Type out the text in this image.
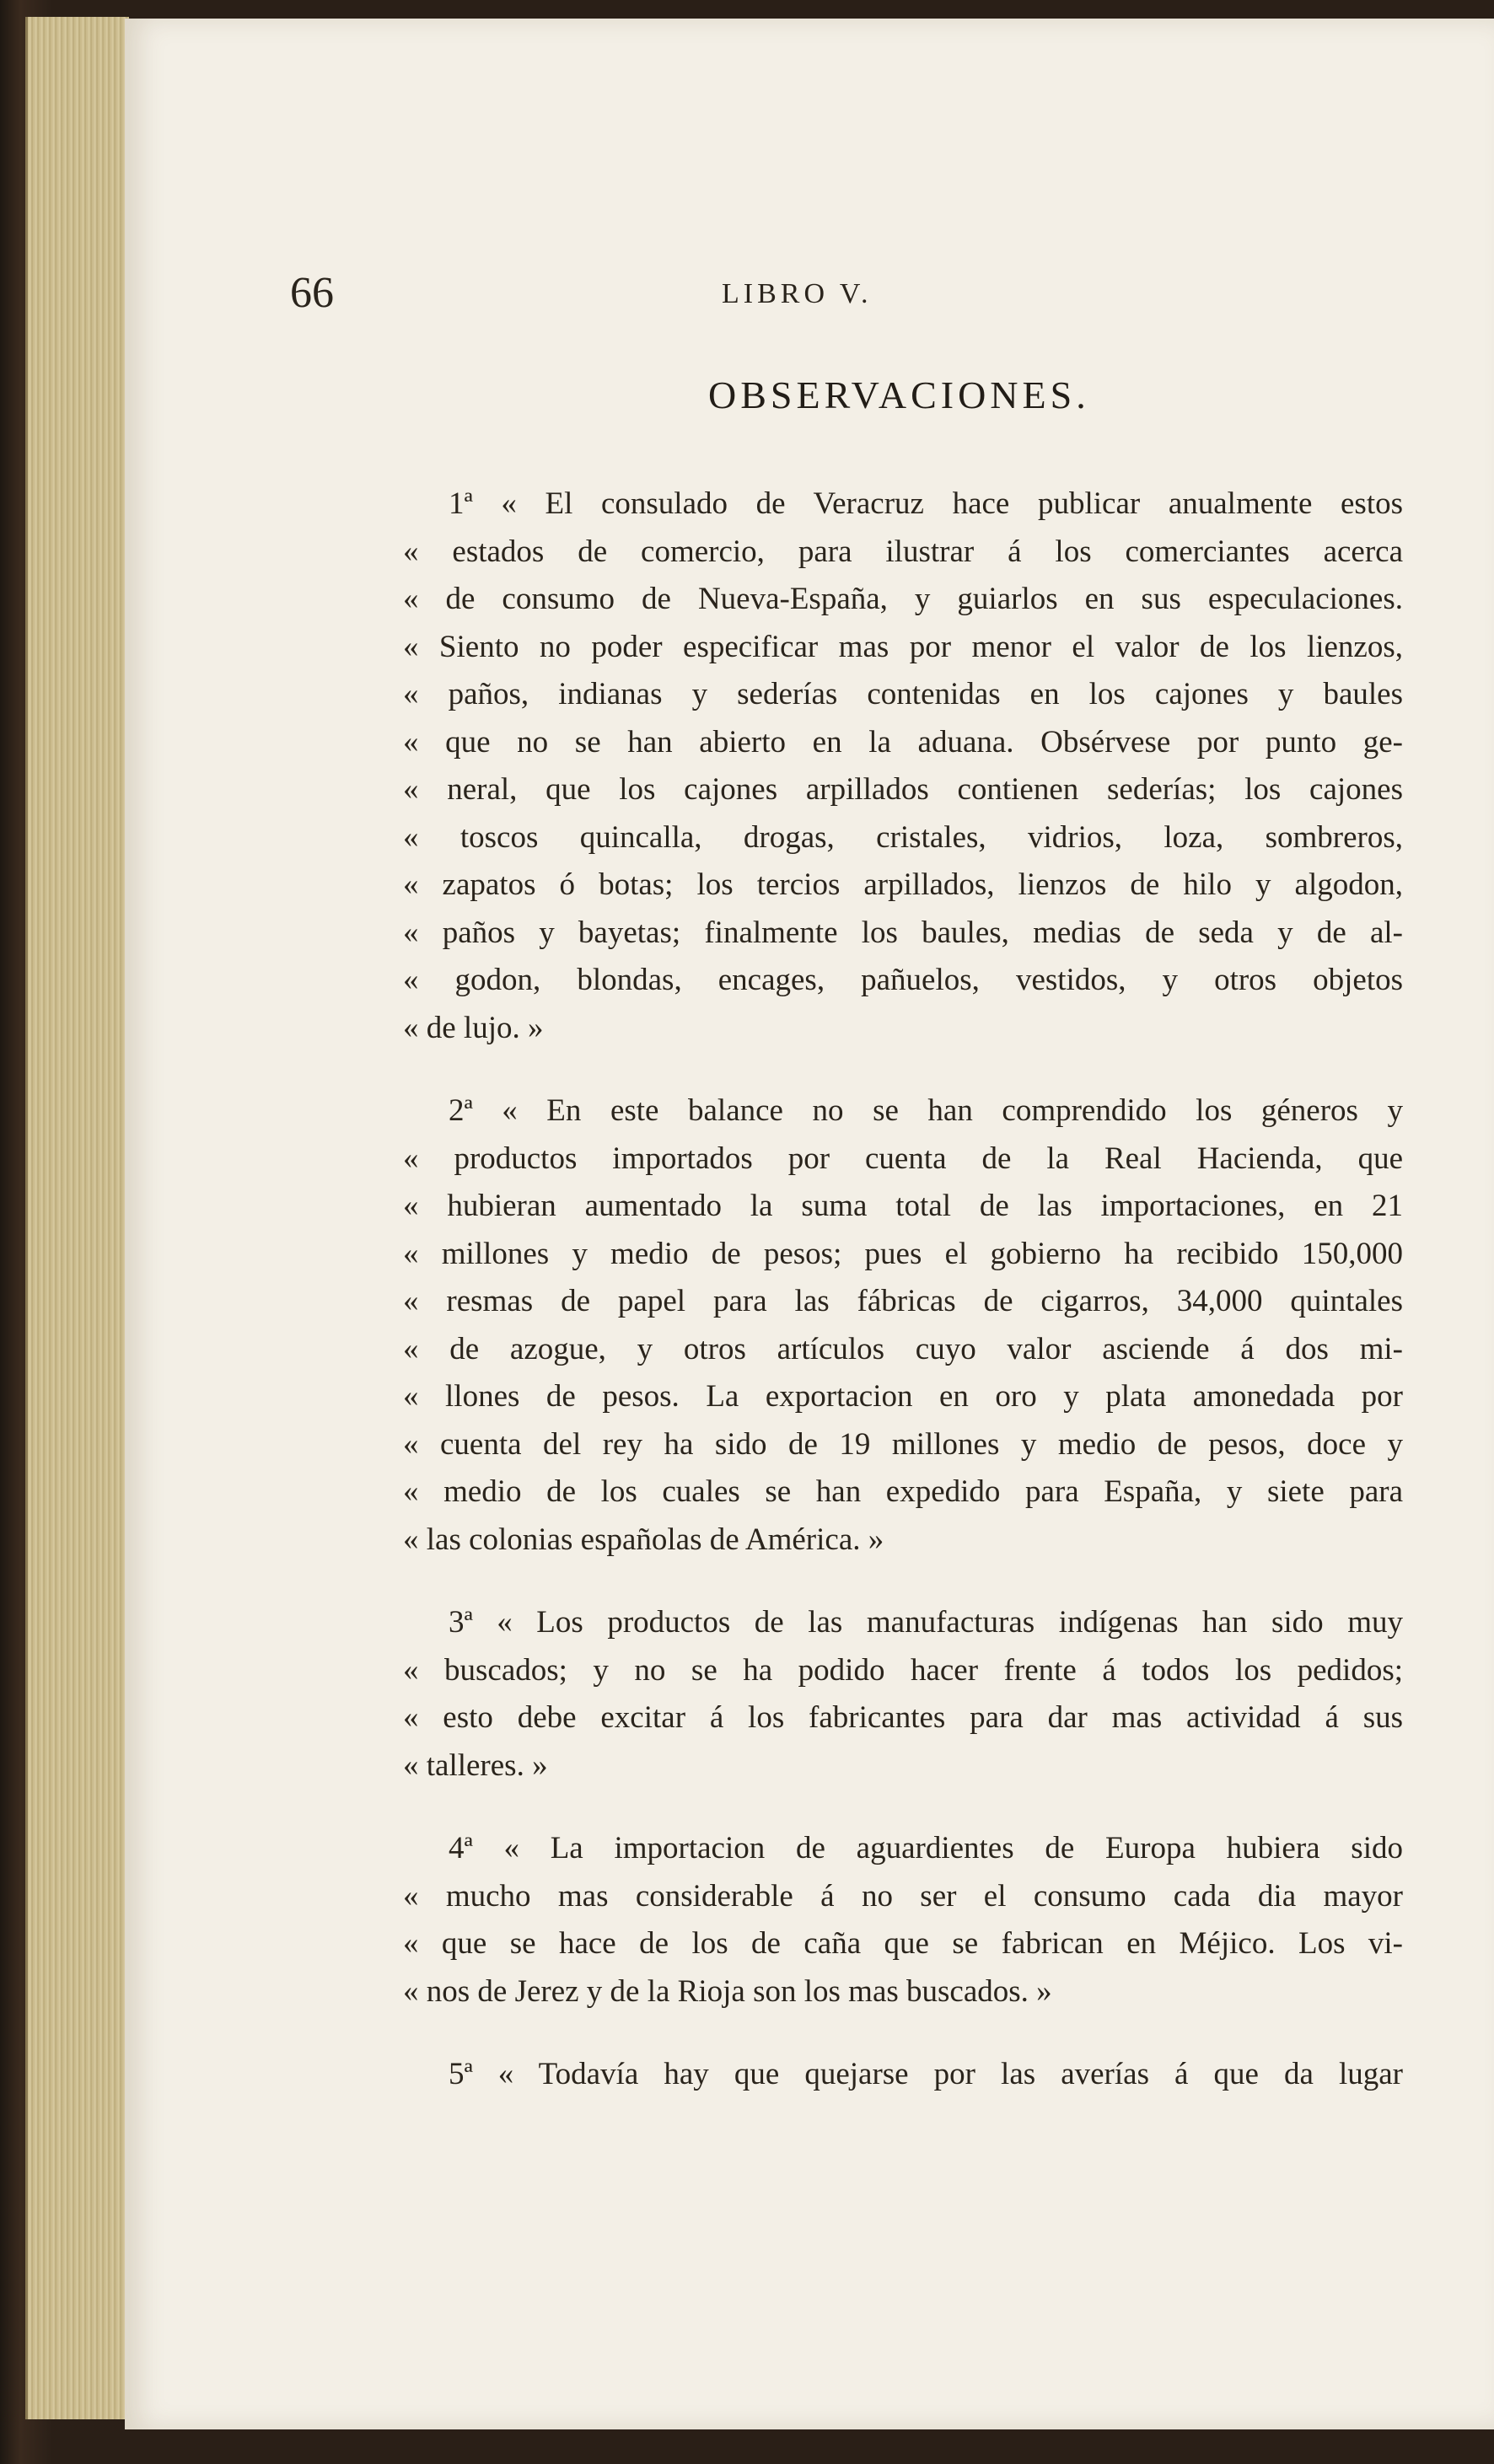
66	LIBRO V.
OBSERVACIONES.
1ª « El consulado de Veracruz hace publicar anualmente estos
« estados de comercio, para ilustrar á los comerciantes acerca
« de consumo de Nueva-España, y guiarlos en sus especulaciones.
« Siento no poder especificar mas por menor el valor de los lienzos,
« paños, indianas y sederías contenidas en los cajones y baules
« que no se han abierto en la aduana. Obsérvese por punto ge-
« neral, que los cajones arpillados contienen sederías; los cajones
« toscos quincalla, drogas, cristales, vidrios, loza, sombreros,
« zapatos ó botas; los tercios arpillados, lienzos de hilo y algodon,
« paños y bayetas; finalmente los baules, medias de seda y de al-
« godon, blondas, encages, pañuelos, vestidos, y otros objetos
« de lujo. »
2ª « En este balance no se han comprendido los géneros y
« productos importados por cuenta de la Real Hacienda, que
« hubieran aumentado la suma total de las importaciones, en 21
« millones y medio de pesos; pues el gobierno ha recibido 150,000
« resmas de papel para las fábricas de cigarros, 34,000 quintales
« de azogue, y otros artículos cuyo valor asciende á dos mi-
« llones de pesos. La exportacion en oro y plata amonedada por
« cuenta del rey ha sido de 19 millones y medio de pesos, doce y
« medio de los cuales se han expedido para España, y siete para
« las colonias españolas de América. »
3ª « Los productos de las manufacturas indígenas han sido muy
« buscados; y no se ha podido hacer frente á todos los pedidos;
« esto debe excitar á los fabricantes para dar mas actividad á sus
« talleres. »
4ª « La importacion de aguardientes de Europa hubiera sido
« mucho mas considerable á no ser el consumo cada dia mayor
« que se hace de los de caña que se fabrican en Méjico. Los vi-
« nos de Jerez y de la Rioja son los mas buscados. »
5ª « Todavía hay que quejarse por las averías á que da lugar
